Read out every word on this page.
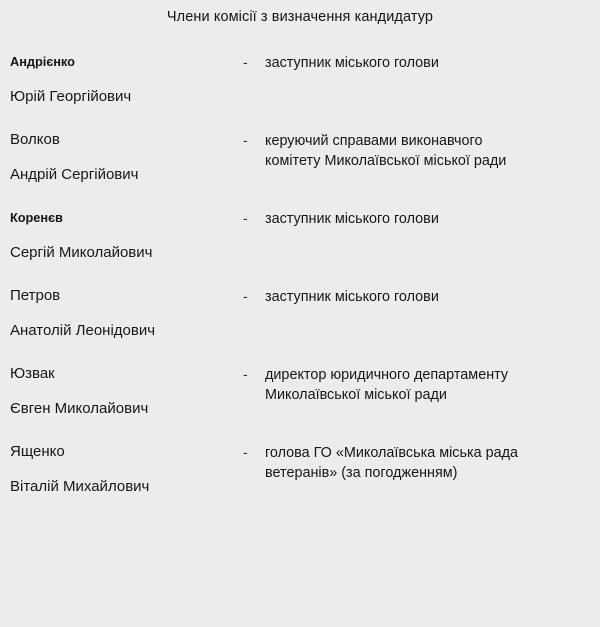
Члени комісії з визначення кандидатур
Андрієнко
Юрій Георгійович
-	заступник міського голови
Волков
Андрій Сергійович
-	керуючий справами виконавчого
комітету Миколаївської міської ради
Коренєв
Сергій Миколайович
-	заступник міського голови
Петров
Анатолій Леонідович
-	заступник міського голови
Юзвак
Євген Миколайович
-	директор юридичного департаменту
Миколаївської міської ради
Ященко
Віталій Михайлович
-	голова ГО «Миколаївська міська рада
ветеранів» (за погодженням)
